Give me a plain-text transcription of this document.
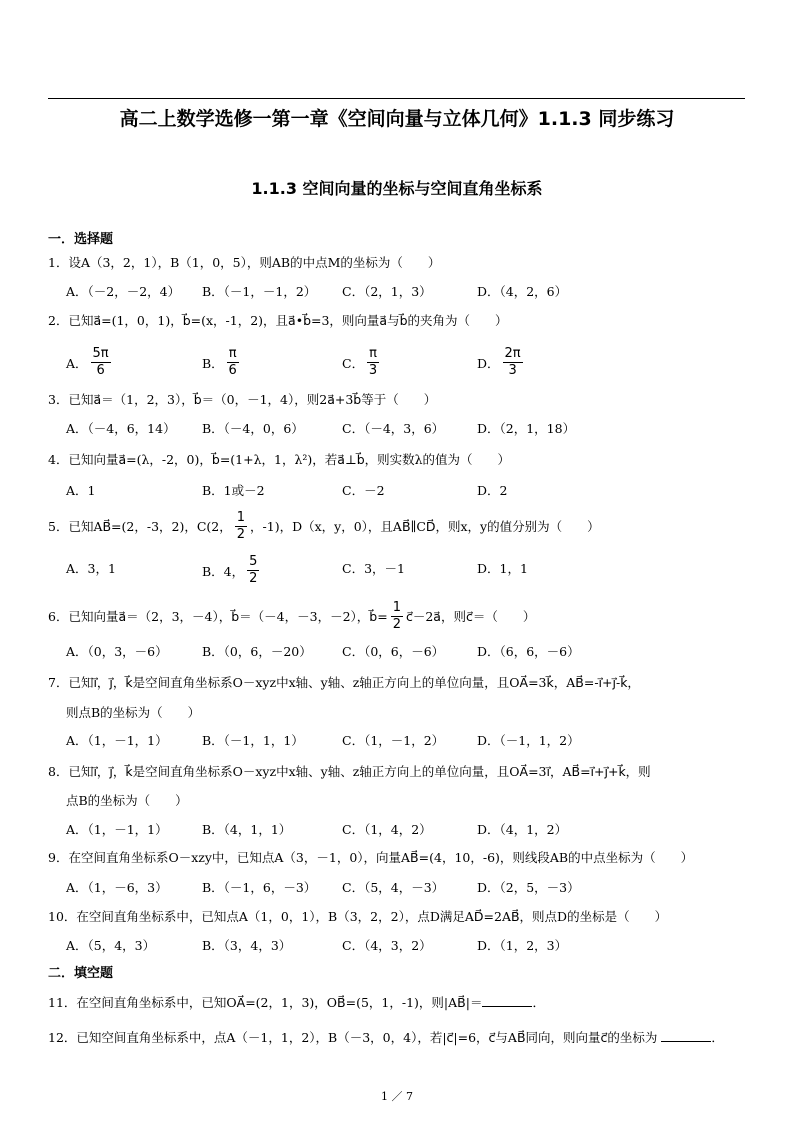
高二上数学选修一第一章《空间向量与立体几何》1.1.3 同步练习
1.1.3 空间向量的坐标与空间直角坐标系
一．选择题
1．设A（3，2，1），B（1，0，5），则AB的中点M的坐标为（　　）
A．（－2，－2，4） B．（－1，－1，2） C．（2，1，3）	D．（4，2，6）
2．已知a⃗=(1，0，1)，b⃗=(x，-1，2)，且a⃗•b⃗=3，则向量a⃗与b⃗的夹角为（　　）
A． $\frac{5\pi}{6}$	B． $\frac{\pi}{6}$	C． $\frac{\pi}{3}$	D． $\frac{2\pi}{3}$
3．已知a⃗＝（1，2，3），b⃗＝（0，－1，4），则2a⃗+3b⃗等于（　　）
A．（－4，6，14） B．（－4，0，6）	C．（－4，3，6）	D．（2，1，18）
4．已知向量a⃗=(λ，-2，0)，b⃗=(1+λ，1，λ²)，若a⃗⊥b⃗，则实数λ的值为（　　）
A．1	B．1或－2	C．－2	D．2
5．已知AB⃗=(2，-3，2)，C(2， $\frac{1}{2}$ ，-1)，D（x，y，0），且AB⃗∥CD⃗，则x，y的值分别为（　　）
A．3，1	B．4， $\frac{5}{2}$	C．3，－1	D．1，1
6．已知向量a⃗＝（2，3，－4），b⃗＝（－4，－3，－2），b⃗= $\frac{1}{2}$ c⃗－2a⃗，则c⃗＝（　　）
A．（0，3，－6）	B．（0，6，－20） C．（0，6，－6）	D．（6，6，－6）
7．已知i⃗，j⃗，k⃗是空间直角坐标系O－xyz中x轴、y轴、z轴正方向上的单位向量，且OA⃗=3k⃗，AB⃗=-i⃗+j⃗-k⃗，
则点B的坐标为（　　）
A．（1，－1，1）	B．（－1，1，1）	C．（1，－1，2）	D．（－1，1，2）
8．已知i⃗，j⃗，k⃗是空间直角坐标系O－xyz中x轴、y轴、z轴正方向上的单位向量，且OA⃗=3i⃗，AB⃗=i⃗+j⃗+k⃗，则
点B的坐标为（　　）
A．（1，－1，1）	B．（4，1，1）	C．（1，4，2）	D．（4，1，2）
9．在空间直角坐标系O－xzy中，已知点A（3，－1，0），向量AB⃗=(4，10，-6)，则线段AB的中点坐标为（　　）
A．（1，－6，3）	B．（－1，6，－3） C．（5，4，－3）	D．（2，5，－3）
10．在空间直角坐标系中，已知点A（1，0，1），B（3，2，2），点D满足AD⃗=2AB⃗，则点D的坐标是（　　）
A．（5，4，3）	B．（3，4，3）	C．（4，3，2）	D．（1，2，3）
二．填空题
11．在空间直角坐标系中，已知OA⃗=(2，1，3)，OB⃗=(5，1，-1)，则|AB⃗|＝	．
12．已知空间直角坐标系中，点A（－1，1，2），B（－3，0，4），若|c⃗|=6，c⃗与AB⃗同向，则向量c⃗的坐标为	．
1 ／ 7
